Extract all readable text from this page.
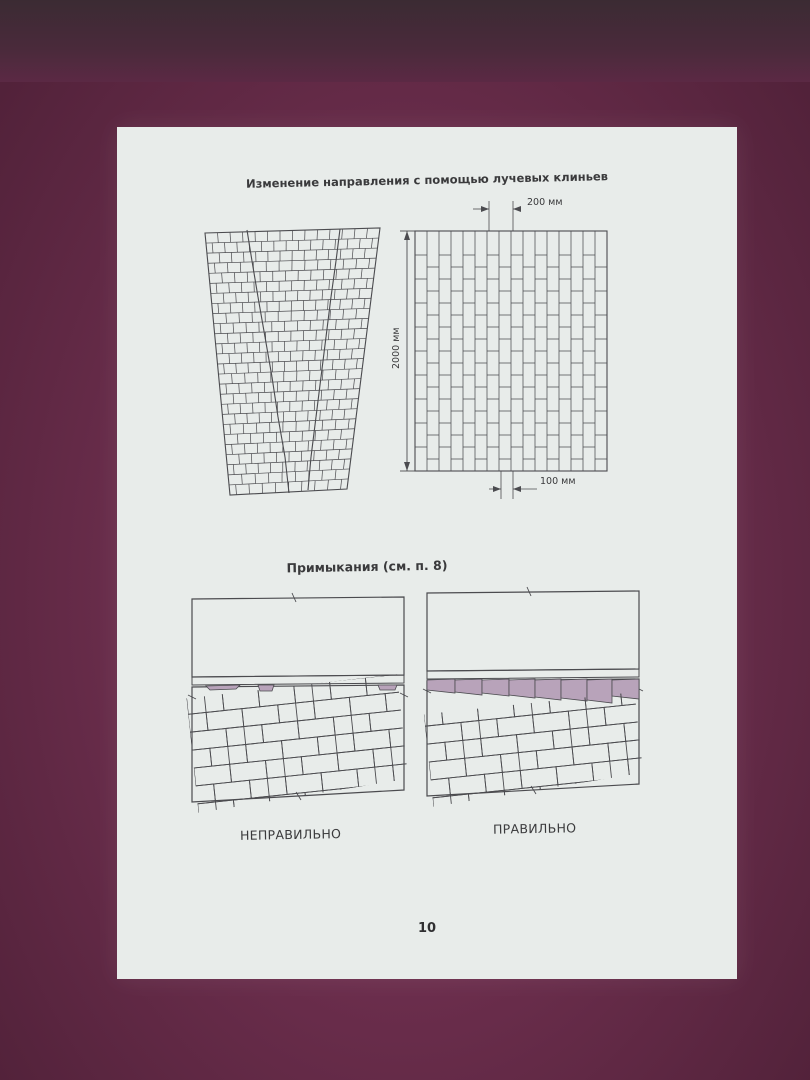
Изменение направления с помощью лучевых клиньев
200 мм
2000 мм
100 мм
Примыкания (см. п. 8)
НЕПРАВИЛЬНО	ПРАВИЛЬНО
10
